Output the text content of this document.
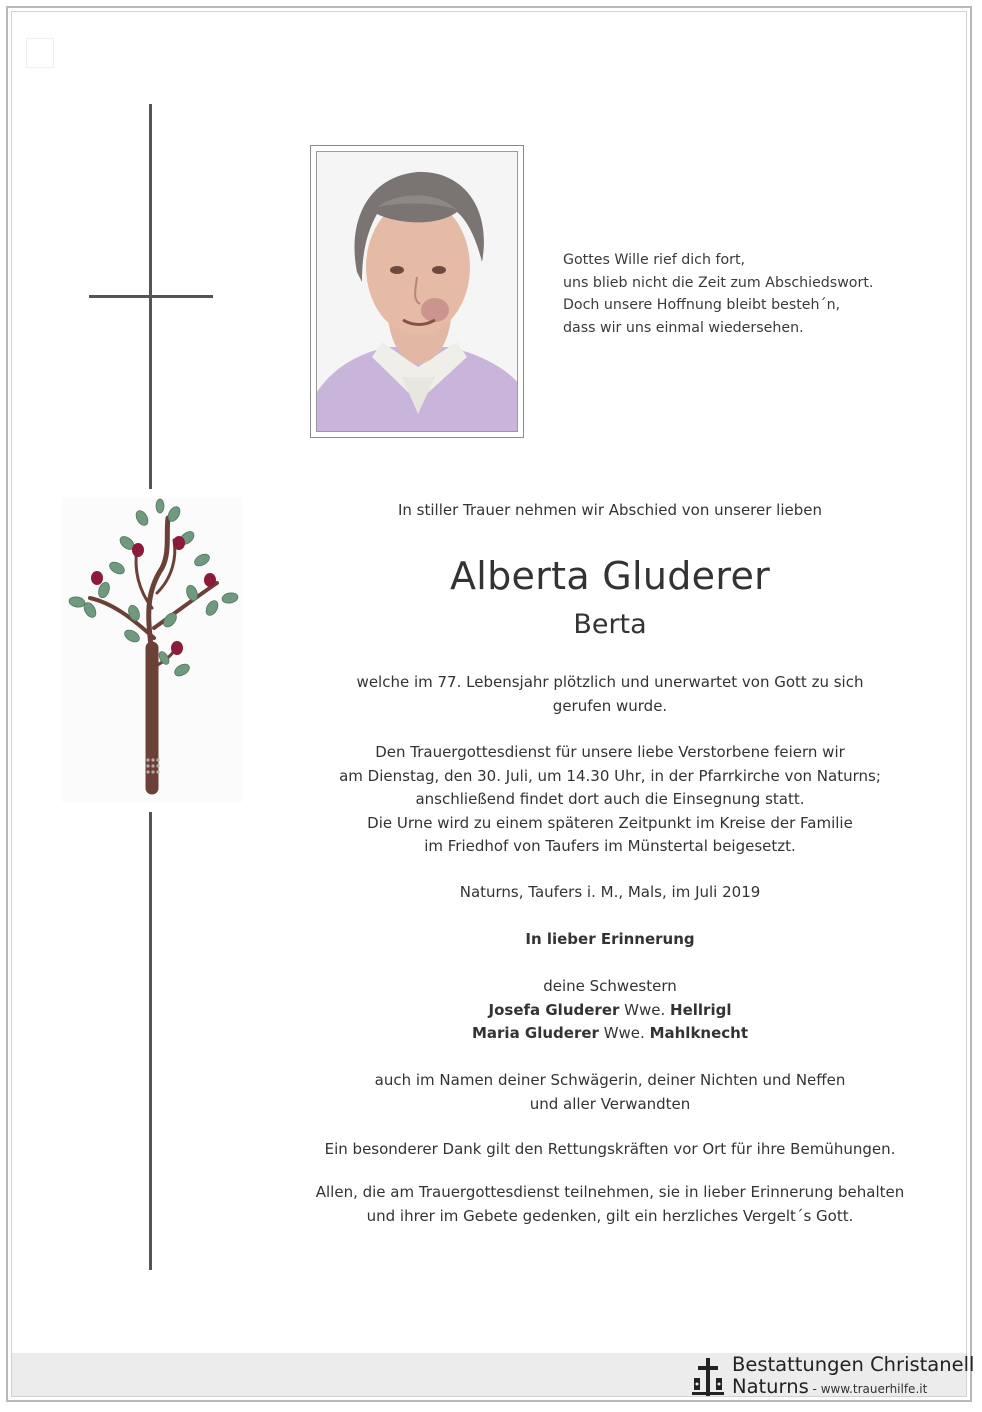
Gottes Wille rief dich fort,
uns blieb nicht die Zeit zum Abschiedswort.
Doch unsere Hoffnung bleibt besteh´n,
dass wir uns einmal wiedersehen.
In stiller Trauer nehmen wir Abschied von unserer lieben
Alberta Gluderer
Berta
welche im 77. Lebensjahr plötzlich und unerwartet von Gott zu sich
gerufen wurde.
Den Trauergottesdienst für unsere liebe Verstorbene feiern wir
am Dienstag, den 30. Juli, um 14.30 Uhr, in der Pfarrkirche von Naturns;
anschließend findet dort auch die Einsegnung statt.
Die Urne wird zu einem späteren Zeitpunkt im Kreise der Familie
im Friedhof von Taufers im Münstertal beigesetzt.
Naturns, Taufers i. M., Mals, im Juli 2019
In lieber Erinnerung
deine Schwestern
Josefa Gluderer Wwe. Hellrigl
Maria Gluderer Wwe. Mahlknecht
auch im Namen deiner Schwägerin, deiner Nichten und Neffen
und aller Verwandten
Ein besonderer Dank gilt den Rettungskräften vor Ort für ihre Bemühungen.
Allen, die am Trauergottesdienst teilnehmen, sie in lieber Erinnerung behalten
und ihrer im Gebete gedenken, gilt ein herzliches Vergelt´s Gott.
Bestattungen Christanell
Naturns - www.trauerhilfe.it
